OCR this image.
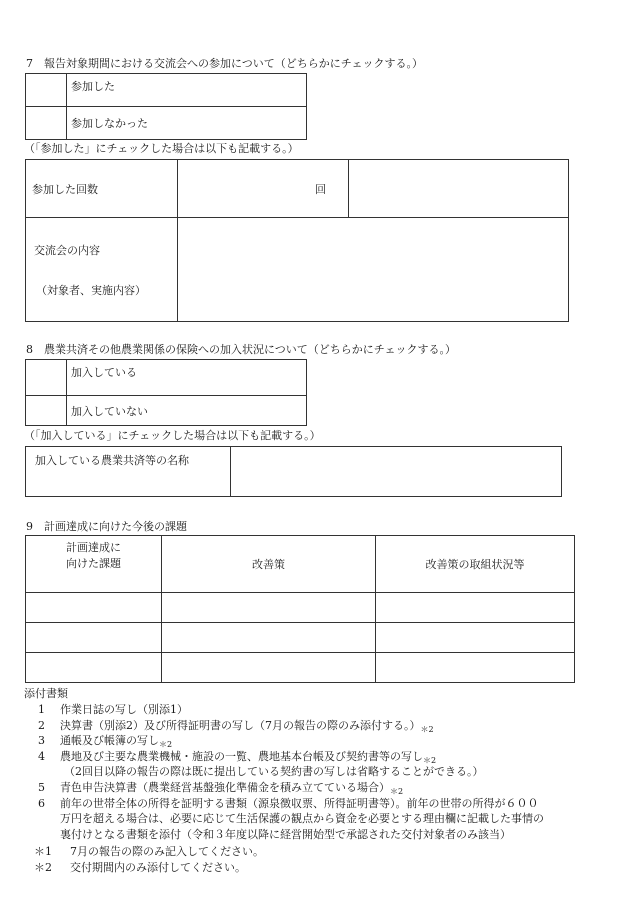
7　報告対象期間における交流会への参加について（どちらかにチェックする。）
	参加した
	参加しなかった
（「参加した」にチェックした場合は以下も記載する。）
参加した回数	回	

交流会の内容
（対象者、実施内容）		

8　農業共済その他農業関係の保険への加入状況について（どちらかにチェックする。）
	加入している
	加入していない
（「加入している」にチェックした場合は以下も記載する。）
加入している農業共済等の名称	
9　計画達成に向けた今後の課題
計画達成に
向けた課題	改善策	改善策の取組状況等

添付書類
1 作業日誌の写し（別添1）
2 決算書（別添2）及び所得証明書の写し（7月の報告の際のみ添付する。）$_{*2}$
3 通帳及び帳簿の写し$_{*2}$
4 農地及び主要な農業機械・施設の一覧、農地基本台帳及び契約書等の写し$_{*2}$
（2回目以降の報告の際は既に提出している契約書の写しは省略することができる。）
5 青色申告決算書（農業経営基盤強化準備金を積み立てている場合）$_{*2}$
6 前年の世帯全体の所得を証明する書類（源泉徴収票、所得証明書等）。前年の世帯の所得が６００
万円を超える場合は、必要に応じて生活保護の観点から資金を必要とする理由欄に記載した事情の
裏付けとなる書類を添付（令和３年度以降に経営開始型で承認された交付対象者のみ該当）
＊1 7月の報告の際のみ記入してください。
＊2 交付期間内のみ添付してください。
